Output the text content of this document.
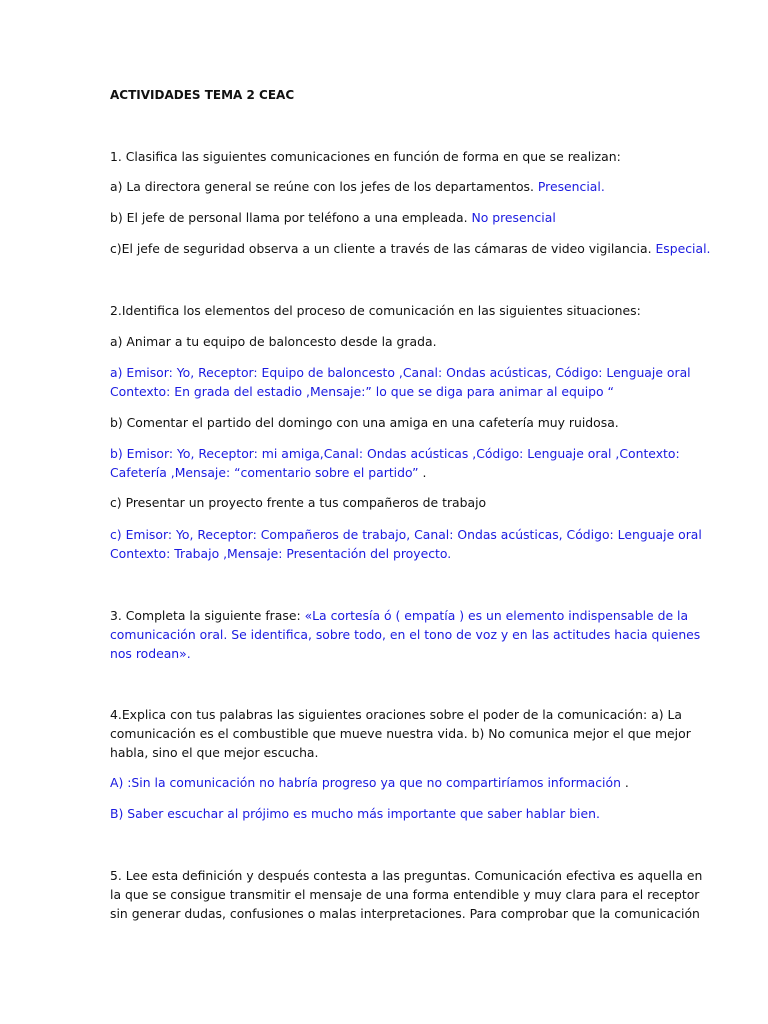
ACTIVIDADES TEMA 2 CEAC
1. Clasifica las siguientes comunicaciones en función de forma en que se realizan:
a) La directora general se reúne con los jefes de los departamentos. Presencial.
b) El jefe de personal llama por teléfono a una empleada. No presencial
c)El jefe de seguridad observa a un cliente a través de las cámaras de video vigilancia. Especial.
2.Identifica los elementos del proceso de comunicación en las siguientes situaciones:
a) Animar a tu equipo de baloncesto desde la grada.
a) Emisor: Yo, Receptor: Equipo de baloncesto ,Canal: Ondas acústicas, Código: Lenguaje oral
Contexto: En grada del estadio ,Mensaje:” lo que se diga para animar al equipo “
b) Comentar el partido del domingo con una amiga en una cafetería muy ruidosa.
b) Emisor: Yo, Receptor: mi amiga,Canal: Ondas acústicas ,Código: Lenguaje oral ,Contexto:
Cafetería ,Mensaje: “comentario sobre el partido” .
c) Presentar un proyecto frente a tus compañeros de trabajo
c) Emisor: Yo, Receptor: Compañeros de trabajo, Canal: Ondas acústicas, Código: Lenguaje oral
Contexto: Trabajo ,Mensaje: Presentación del proyecto.
3. Completa la siguiente frase: «La cortesía ó ( empatía ) es un elemento indispensable de la
comunicación oral. Se identifica, sobre todo, en el tono de voz y en las actitudes hacia quienes
nos rodean».
4.Explica con tus palabras las siguientes oraciones sobre el poder de la comunicación: a) La
comunicación es el combustible que mueve nuestra vida. b) No comunica mejor el que mejor
habla, sino el que mejor escucha.
A) :Sin la comunicación no habría progreso ya que no compartiríamos información .
B) Saber escuchar al prójimo es mucho más importante que saber hablar bien.
5. Lee esta definición y después contesta a las preguntas. Comunicación efectiva es aquella en
la que se consigue transmitir el mensaje de una forma entendible y muy clara para el receptor
sin generar dudas, confusiones o malas interpretaciones. Para comprobar que la comunicación
